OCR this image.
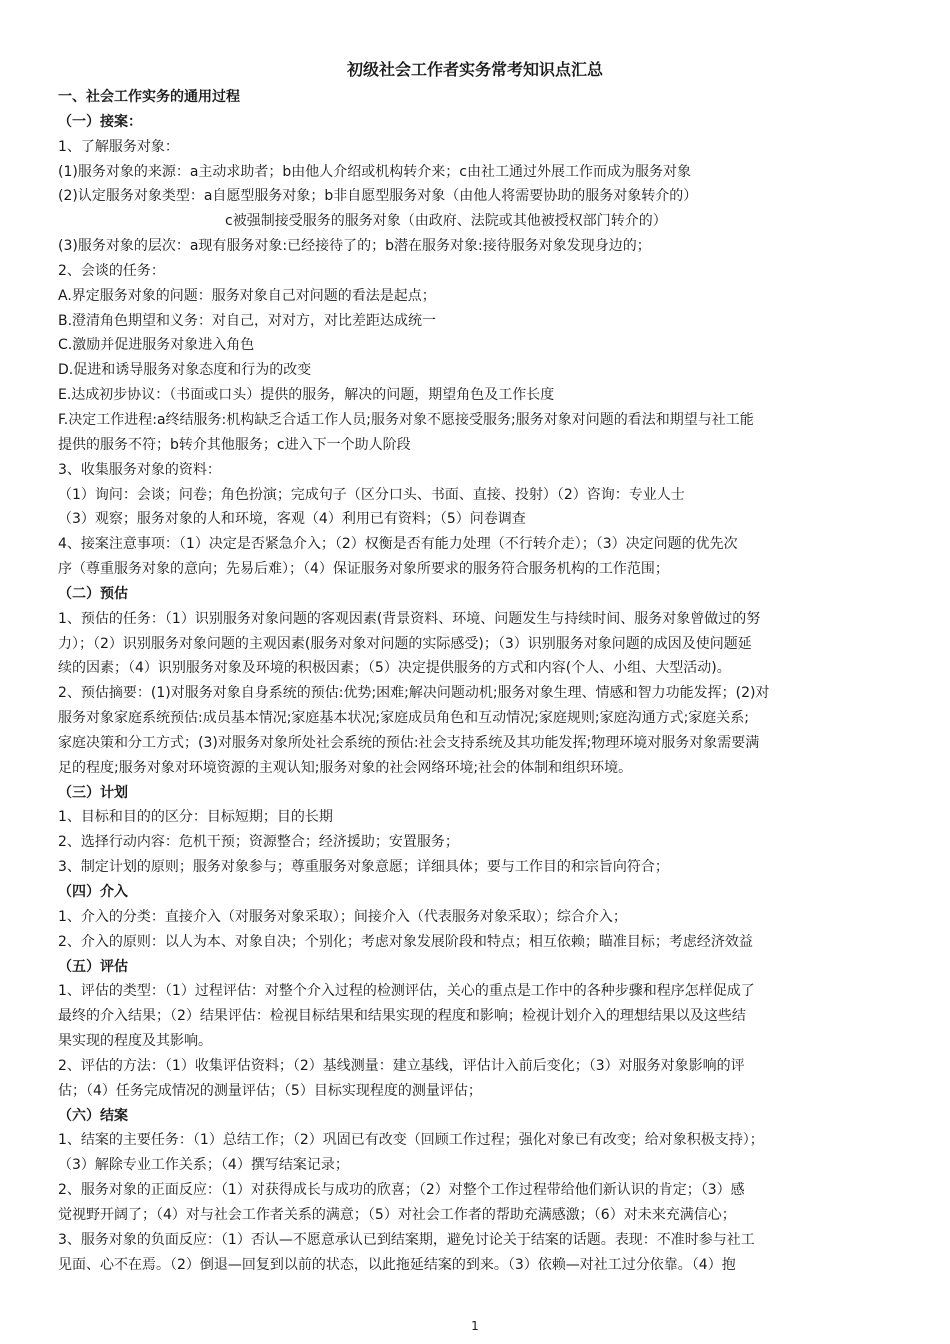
初级社会工作者实务常考知识点汇总
一、社会工作实务的通用过程
（一）接案：
1、了解服务对象：
(1)服务对象的来源：a主动求助者；b由他人介绍或机构转介来；c由社工通过外展工作而成为服务对象
(2)认定服务对象类型：a自愿型服务对象；b非自愿型服务对象（由他人将需要协助的服务对象转介的）
c被强制接受服务的服务对象（由政府、法院或其他被授权部门转介的）
(3)服务对象的层次：a现有服务对象:已经接待了的；b潜在服务对象:接待服务对象发现身边的；
2、会谈的任务：
A.界定服务对象的问题：服务对象自己对问题的看法是起点；
B.澄清角色期望和义务：对自己，对对方，对比差距达成统一
C.激励并促进服务对象进入角色
D.促进和诱导服务对象态度和行为的改变
E.达成初步协议：（书面或口头）提供的服务，解决的问题，期望角色及工作长度
F.决定工作进程:a终结服务:机构缺乏合适工作人员;服务对象不愿接受服务;服务对象对问题的看法和期望与社工能
提供的服务不符；b转介其他服务；c进入下一个助人阶段
3、收集服务对象的资料：
（1）询问：会谈；问卷；角色扮演；完成句子（区分口头、书面、直接、投射）（2）咨询：专业人士
（3）观察；服务对象的人和环境，客观（4）利用已有资料；（5）问卷调查
4、接案注意事项：（1）决定是否紧急介入；（2）权衡是否有能力处理（不行转介走）；（3）决定问题的优先次
序（尊重服务对象的意向；先易后难）；（4）保证服务对象所要求的服务符合服务机构的工作范围；
（二）预估
1、预估的任务：（1）识别服务对象问题的客观因素(背景资料、环境、问题发生与持续时间、服务对象曾做过的努
力）；（2）识别服务对象问题的主观因素(服务对象对问题的实际感受)；（3）识别服务对象问题的成因及使问题延
续的因素；（4）识别服务对象及环境的积极因素；（5）决定提供服务的方式和内容(个人、小组、大型活动)。
2、预估摘要：(1)对服务对象自身系统的预估:优势;困难;解决问题动机;服务对象生理、情感和智力功能发挥；(2)对
服务对象家庭系统预估:成员基本情况;家庭基本状况;家庭成员角色和互动情况;家庭规则;家庭沟通方式;家庭关系;
家庭决策和分工方式；(3)对服务对象所处社会系统的预估:社会支持系统及其功能发挥;物理环境对服务对象需要满
足的程度;服务对象对环境资源的主观认知;服务对象的社会网络环境;社会的体制和组织环境。
（三）计划
1、目标和目的的区分：目标短期；目的长期
2、选择行动内容：危机干预；资源整合；经济援助；安置服务；
3、制定计划的原则；服务对象参与；尊重服务对象意愿；详细具体；要与工作目的和宗旨向符合；
（四）介入
1、介入的分类：直接介入（对服务对象采取）；间接介入（代表服务对象采取）；综合介入；
2、介入的原则：以人为本、对象自决；个别化；考虑对象发展阶段和特点；相互依赖；瞄准目标；考虑经济效益
（五）评估
1、评估的类型：（1）过程评估：对整个介入过程的检测评估，关心的重点是工作中的各种步骤和程序怎样促成了
最终的介入结果；（2）结果评估：检视目标结果和结果实现的程度和影响；检视计划介入的理想结果以及这些结
果实现的程度及其影响。
2、评估的方法：（1）收集评估资料；（2）基线测量：建立基线，评估计入前后变化；（3）对服务对象影响的评
估；（4）任务完成情况的测量评估；（5）目标实现程度的测量评估；
（六）结案
1、结案的主要任务：（1）总结工作；（2）巩固已有改变（回顾工作过程；强化对象已有改变；给对象积极支持）；
（3）解除专业工作关系；（4）撰写结案记录；
2、服务对象的正面反应：（1）对获得成长与成功的欣喜；（2）对整个工作过程带给他们新认识的肯定；（3）感
觉视野开阔了；（4）对与社会工作者关系的满意；（5）对社会工作者的帮助充满感激；（6）对未来充满信心；
3、服务对象的负面反应：（1）否认—不愿意承认已到结案期，避免讨论关于结案的话题。表现：不准时参与社工
见面、心不在焉。（2）倒退—回复到以前的状态，以此拖延结案的到来。（3）依赖—对社工过分依靠。（4）抱
1
